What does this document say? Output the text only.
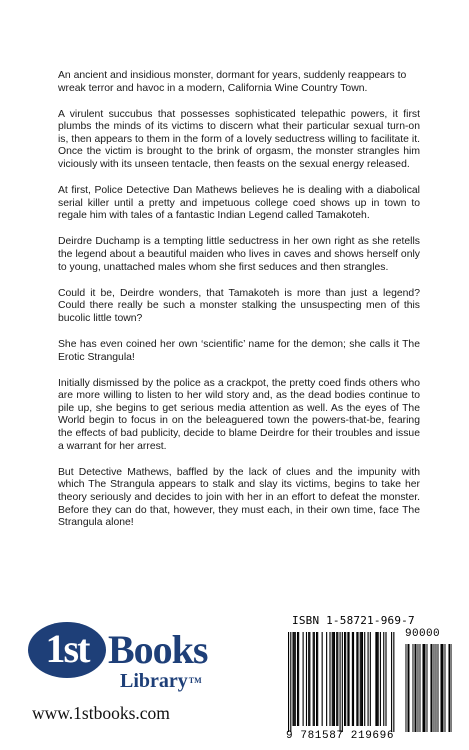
An ancient and insidious monster, dormant for years, suddenly reappears to wreak terror and havoc in a modern, California Wine Country Town.

A virulent succubus that possesses sophisticated telepathic powers, it first plumbs the minds of its victims to discern what their particular sexual turn-on is, then appears to them in the form of a lovely seductress willing to facilitate it. Once the victim is brought to the brink of orgasm, the monster strangles him viciously with its unseen tentacle, then feasts on the sexual energy released.

At first, Police Detective Dan Mathews believes he is dealing with a diabolical serial killer until a pretty and impetuous college coed shows up in town to regale him with tales of a fantastic Indian Legend called Tamakoteh.

Deirdre Duchamp is a tempting little seductress in her own right as she retells the legend about a beautiful maiden who lives in caves and shows herself only to young, unattached males whom she first seduces and then strangles.

Could it be, Deirdre wonders, that Tamakoteh is more than just a legend? Could there really be such a monster stalking the unsuspecting men of this bucolic little town?

She has even coined her own ‘scientific’ name for the demon; she calls it The Erotic Strangula!

Initially dismissed by the police as a crackpot, the pretty coed finds others who are more willing to listen to her wild story and, as the dead bodies continue to pile up, she begins to get serious media attention as well. As the eyes of The World begin to focus in on the beleaguered town the powers-that-be, fearing the effects of bad publicity, decide to blame Deirdre for their troubles and issue a warrant for her arrest.

But Detective Mathews, baffled by the lack of clues and the impunity with which The Strangula appears to stalk and slay its victims, begins to take her theory seriously and decides to join with her in an effort to defeat the monster. Before they can do that, however, they must each, in their own time, face The Strangula alone!

1st Books
Library™
www.1stbooks.com
ISBN 1-58721-969-7
9 781587 219696
90000
